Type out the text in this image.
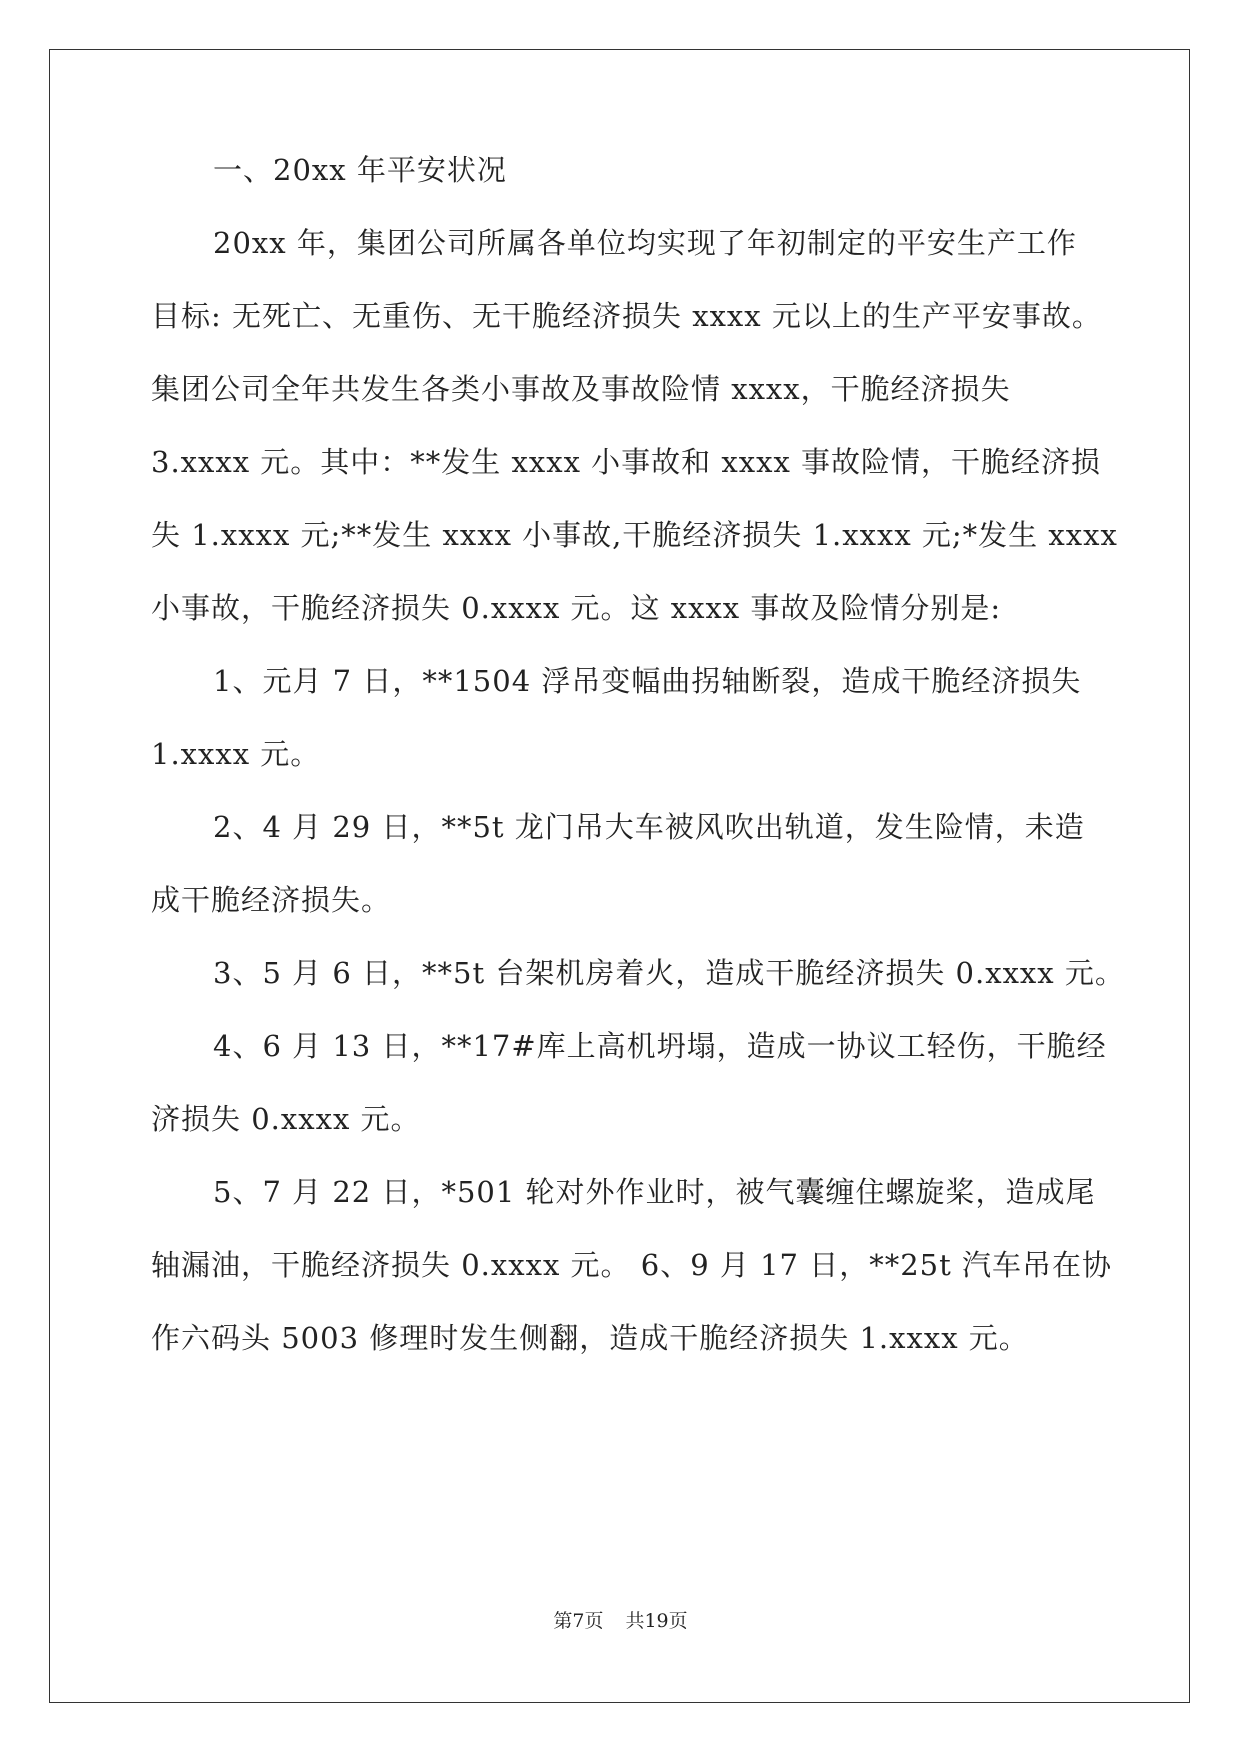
一、20xx 年平安状况
20xx 年，集团公司所属各单位均实现了年初制定的平安生产工作
目标: 无死亡、无重伤、无干脆经济损失 xxxx 元以上的生产平安事故。
集团公司全年共发生各类小事故及事故险情 xxxx，干脆经济损失
3.xxxx 元。其中：**发生 xxxx 小事故和 xxxx 事故险情，干脆经济损
失 1.xxxx 元;**发生 xxxx 小事故,干脆经济损失 1.xxxx 元;*发生 xxxx
小事故，干脆经济损失 0.xxxx 元。这 xxxx 事故及险情分别是:
1、元月 7 日，**1504 浮吊变幅曲拐轴断裂，造成干脆经济损失
1.xxxx 元。
2、4 月 29 日，**5t 龙门吊大车被风吹出轨道，发生险情，未造
成干脆经济损失。
3、5 月 6 日，**5t 台架机房着火，造成干脆经济损失 0.xxxx 元。
4、6 月 13 日，**17#库上高机坍塌，造成一协议工轻伤，干脆经
济损失 0.xxxx 元。
5、7 月 22 日，*501 轮对外作业时，被气囊缠住螺旋桨，造成尾
轴漏油，干脆经济损失 0.xxxx 元。 6、9 月 17 日，**25t 汽车吊在协
作六码头 5003 修理时发生侧翻，造成干脆经济损失 1.xxxx 元。
第7页 共19页
